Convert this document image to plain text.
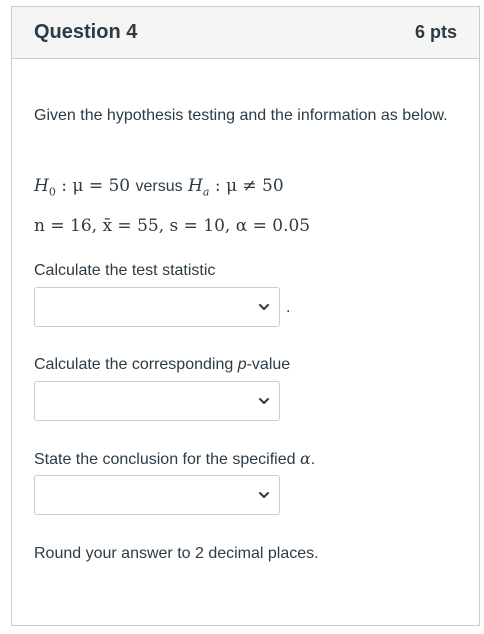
Question 4	6 pts
Given the hypothesis testing and the information as below.
$H_0$ : μ = 50 versus $H_a$ : μ ≠ 50
n = 16, x̄ = 55, s = 10, α = 0.05
Calculate the test statistic
.
Calculate the corresponding p-value
State the conclusion for the specified α.
Round your answer to 2 decimal places.
